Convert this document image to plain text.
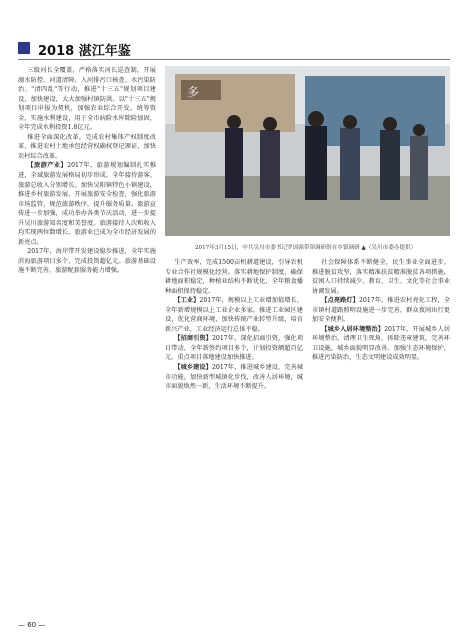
2018 湛江年鉴

三级河长全覆盖，严格落实河长巡查制，开展溺水防控、河道清障、入河排污口核查、水污染防治、"清四乱"等行动，推进"十三五"规划项目建设，加快建设，大大加强村镇防洪。以"十三五"规划项目申报为契机，加强农业综合开发。统筹资金，实施水利建设，用于全市病险水库除险加固，全年完成水利投资1.8亿元。

推进全面深化改革，完成农村集体产权制度改革，推进农村土地承包经营权确权登记颁证，加快农村综合改革。

【旅游产业】2017年，旅游规划编制扎实推进，全域旅游发展格局初步形成。全年接待游客、旅游总收入分别增长。加快吴阳镇特色小镇建设，推进乡村旅游发展，开展旅游安全检查，强化旅游市场监管，规范旅游秩序，提升服务质量。旅游宣传进一步加强，成功举办各类节庆活动，进一步提升吴川旅游知名度和美誉度。旅游接待人次和收入均实现两位数增长，旅游业已成为全市经济发展的新亮点。

2017年，海岸带开发建设稳步推进，全年实施滨海旅游项目多个，完成投资超亿元。旅游基础设施不断完善，旅游配套服务能力增强。

多
2017年3月15日，中共吴川市委书记罗国强带领调研组在乡镇调研 ▲（吴川市委办提供）

生产效率，完成1500亩机耕道建设，引导农机专业合作社规模化经营。落实耕地保护制度，确保耕地面积稳定，种植业结构不断优化，全年粮食播种面积保持稳定。

【工业】2017年，规模以上工业增加值增长，全年新增规模以上工业企业多家。推进工业园区建设，优化营商环境，加快传统产业转型升级，培育新兴产业，工业经济运行总体平稳。

【招商引资】2017年，深化招商引资，强化项目带动，全年新签约项目多个，计划投资额超百亿元。重点项目落地建设加快推进。

【城乡建设】2017年，推进城乡建设，完善城市功能，加快新型城镇化步伐，改善人居环境，城市面貌焕然一新，生活环境不断提升。

社会保障体系不断健全，民生事业全面进步。推进脱贫攻坚，落实精准扶贫精准脱贫各项措施，贫困人口持续减少。教育、卫生、文化等社会事业协调发展。

【点亮路灯】2017年，推进农村亮化工程，全市镇村道路照明设施进一步完善，群众夜间出行更加安全便利。

【城乡人居环境整治】2017年，开展城乡人居环境整治，清理卫生死角，拆除违章建筑，完善环卫设施，城乡面貌明显改善。加强生态环境保护，推进污染防治，生态文明建设成效明显。

— 60 —
